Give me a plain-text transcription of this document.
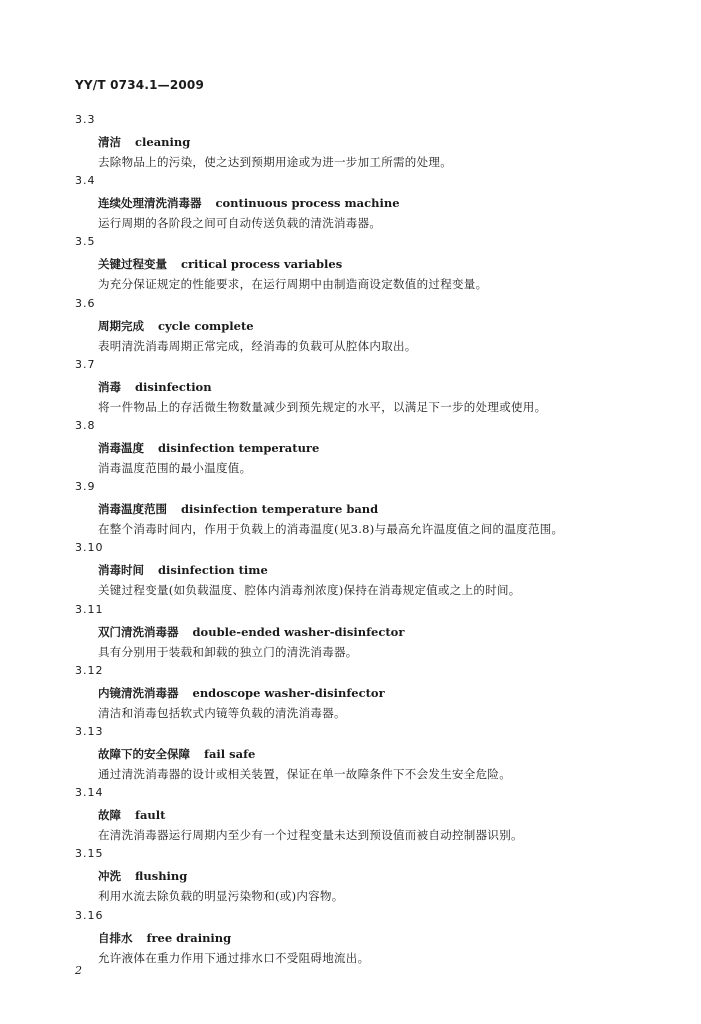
YY/T 0734.1—2009
3.3
清洁 cleaning
去除物品上的污染，使之达到预期用途或为进一步加工所需的处理。
3.4
连续处理清洗消毒器 continuous process machine
运行周期的各阶段之间可自动传送负载的清洗消毒器。
3.5
关键过程变量 critical process variables
为充分保证规定的性能要求，在运行周期中由制造商设定数值的过程变量。
3.6
周期完成 cycle complete
表明清洗消毒周期正常完成，经消毒的负载可从腔体内取出。
3.7
消毒 disinfection
将一件物品上的存活微生物数量减少到预先规定的水平，以满足下一步的处理或使用。
3.8
消毒温度 disinfection temperature
消毒温度范围的最小温度值。
3.9
消毒温度范围 disinfection temperature band
在整个消毒时间内，作用于负载上的消毒温度(见3.8)与最高允许温度值之间的温度范围。
3.10
消毒时间 disinfection time
关键过程变量(如负载温度、腔体内消毒剂浓度)保持在消毒规定值或之上的时间。
3.11
双门清洗消毒器 double-ended washer-disinfector
具有分别用于装载和卸载的独立门的清洗消毒器。
3.12
内镜清洗消毒器 endoscope washer-disinfector
清洁和消毒包括软式内镜等负载的清洗消毒器。
3.13
故障下的安全保障 fail safe
通过清洗消毒器的设计或相关装置，保证在单一故障条件下不会发生安全危险。
3.14
故障 fault
在清洗消毒器运行周期内至少有一个过程变量未达到预设值而被自动控制器识别。
3.15
冲洗 flushing
利用水流去除负载的明显污染物和(或)内容物。
3.16
自排水 free draining
允许液体在重力作用下通过排水口不受阻碍地流出。
2
